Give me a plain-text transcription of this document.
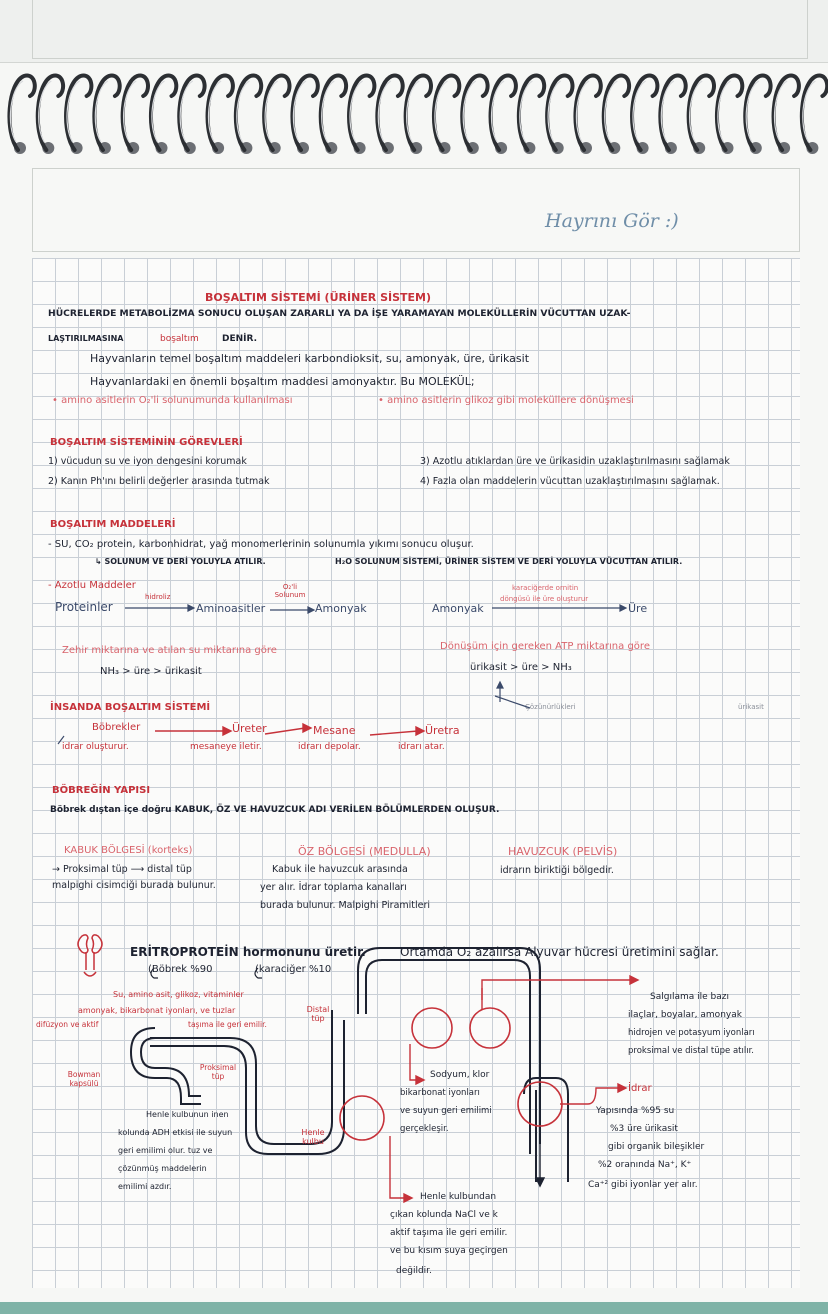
Hayrını Gör :)
BOŞALTIM SİSTEMİ (ÜRİNER SİSTEM)
HÜCRELERDE METABOLİZMA SONUCU OLUŞAN ZARARLI YA DA İŞE YARAMAYAN MOLEKÜLLERİN VÜCUTTAN UZAK-
LAŞTIRILMASINA	boşaltım	DENİR.
Hayvanların temel boşaltım maddeleri karbondioksit, su, amonyak, üre, ürikasit
Hayvanlardaki en önemli boşaltım maddesi amonyaktır. Bu MOLEKÜL;
• amino asitlerin O₂'li solunumunda kullanılması	• amino asitlerin glikoz gibi moleküllere dönüşmesi
BOŞALTIM SİSTEMİNİN GÖREVLERİ
1) vücudun su ve iyon dengesini korumak
2) Kanın Ph'ını belirli değerler arasında tutmak
3) Azotlu atıklardan üre ve ürikasidin uzaklaştırılmasını sağlamak
4) Fazla olan maddelerin vücuttan uzaklaştırılmasını sağlamak.
BOŞALTIM MADDELERİ
- SU, CO₂ protein, karbonhidrat, yağ monomerlerinin solunumla yıkımı sonucu oluşur.
↳ SOLUNUM VE DERİ YOLUYLA ATILIR.	H₂O SOLUNUM SİSTEMİ, ÜRİNER SİSTEM VE DERİ YOLUYLA VÜCUTTAN ATILIR.
- Azotlu Maddeler
Proteinler
hidroliz
Aminoasitler
O₂'li Solunum
Amonyak	Amonyak
karaciğerde ornitin
döngüsü ile üre oluşturur
Üre
Zehir miktarına ve atılan su miktarına göre
NH₃ > üre > ürikasit
Dönüşüm için gereken ATP miktarına göre
ürikasit > üre > NH₃
Çözünürlükleri	ürikasit
İNSANDA BOŞALTIM SİSTEMİ
Böbrekler	Üreter	Mesane	Üretra
idrar oluşturur.	mesaneye iletir.	idrarı depolar.	idrarı atar.
BÖBREĞİN YAPISI
Böbrek dıştan içe doğru KABUK, ÖZ VE HAVUZCUK ADI VERİLEN BÖLÜMLERDEN OLUŞUR.
KABUK BÖLGESİ (korteks)
→ Proksimal tüp ⟶ distal tüp
malpighi cisimciği burada bulunur.
ÖZ BÖLGESİ (MEDULLA)
Kabuk ile havuzcuk arasında
yer alır. İdrar toplama kanalları
burada bulunur. Malpighi Piramitleri
HAVUZCUK (PELVİS)
idrarın biriktiği bölgedir.
ERİTROPROTEİN hormonunu üretir.	Ortamda O₂ azalırsa Alyuvar hücresi üretimini sağlar.
(Böbrek %90	(karaciğer %10
Su, amino asit, glikoz, vitaminler
amonyak, bikarbonat iyonları, ve tuzlar
difüzyon ve aktif	taşıma ile geri emilir.
Distal tüp
Bowman kapsülü
Proksimal tüp
Henle kulbu
Henle kulbunun inen
kolunda ADH etkisi ile suyun
geri emilimi olur. tuz ve
çözünmüş maddelerin
emilimi azdır.
Salgılama ile bazı
ilaçlar, boyalar, amonyak
hidrojen ve potasyum iyonları
proksimal ve distal tüpe atılır.
Sodyum, klor
bikarbonat iyonları
ve suyun geri emilimi
gerçekleşir.
İdrar
Yapısında %95 su
%3 üre ürikasit
gibi organik bileşikler
%2 oranında Na⁺, K⁺
Ca⁺² gibi iyonlar yer alır.
Henle kulbundan
çıkan kolunda NaCl ve k
aktif taşıma ile geri emilir.
ve bu kısım suya geçirgen
değildir.
